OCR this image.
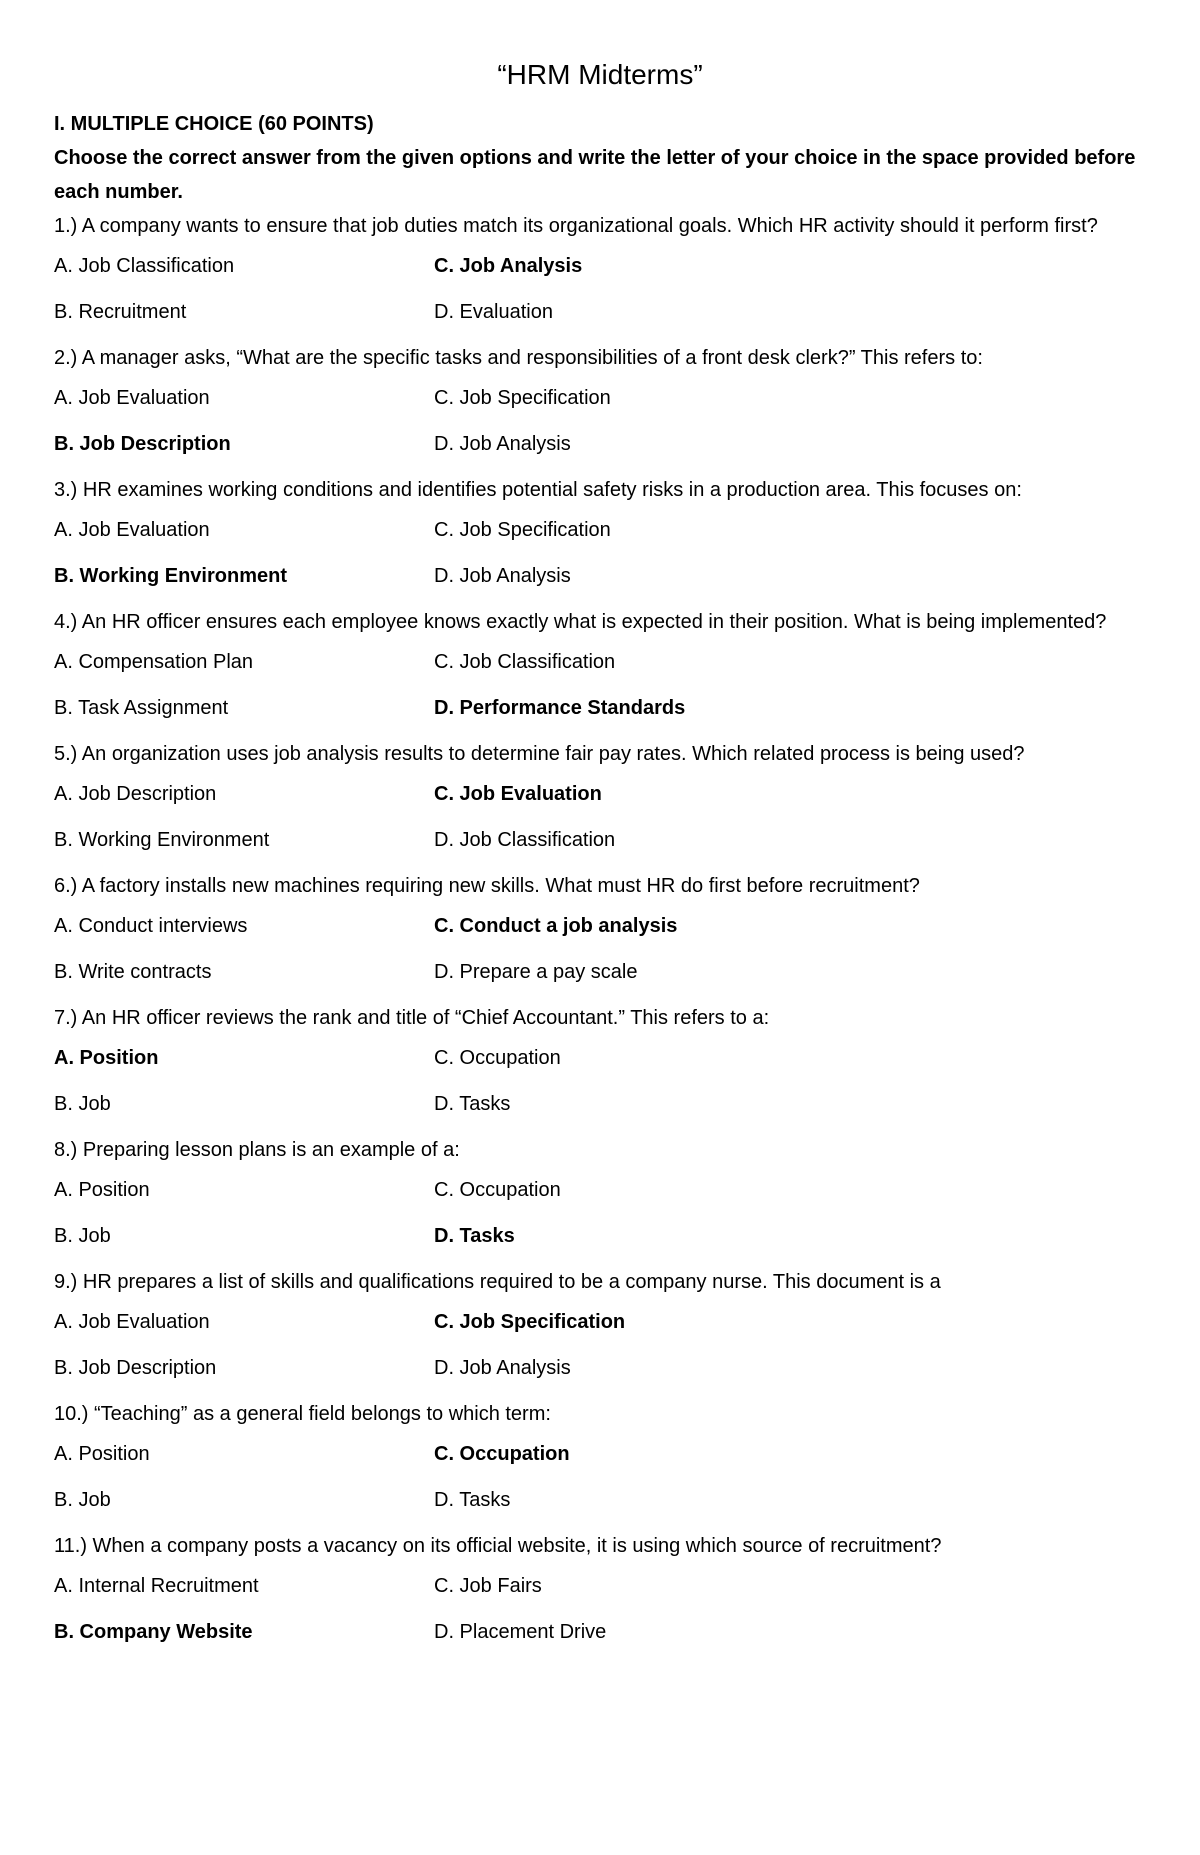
“HRM Midterms”

I. MULTIPLE CHOICE (60 POINTS)

Choose the correct answer from the given options and write the letter of your choice in the space provided before each number.

1.) A company wants to ensure that job duties match its organizational goals. Which HR activity should it perform first?

A. Job Classification	C. Job Analysis
B. Recruitment	D. Evaluation

2.) A manager asks, “What are the specific tasks and responsibilities of a front desk clerk?” This refers to:

A. Job Evaluation	C. Job Specification
B. Job Description	D. Job Analysis

3.) HR examines working conditions and identifies potential safety risks in a production area. This focuses on:

A. Job Evaluation	C. Job Specification
B. Working Environment	D. Job Analysis

4.) An HR officer ensures each employee knows exactly what is expected in their position. What is being implemented?

A. Compensation Plan	C. Job Classification
B. Task Assignment	D. Performance Standards

5.) An organization uses job analysis results to determine fair pay rates. Which related process is being used?

A. Job Description	C. Job Evaluation
B. Working Environment	D. Job Classification

6.) A factory installs new machines requiring new skills. What must HR do first before recruitment?

A. Conduct interviews	C. Conduct a job analysis
B. Write contracts	D. Prepare a pay scale

7.) An HR officer reviews the rank and title of “Chief Accountant.” This refers to a:

A. Position	C. Occupation
B. Job	D. Tasks

8.) Preparing lesson plans is an example of a:

A. Position	C. Occupation
B. Job	D. Tasks

9.) HR prepares a list of skills and qualifications required to be a company nurse. This document is a

A. Job Evaluation	C. Job Specification
B. Job Description	D. Job Analysis

10.) “Teaching” as a general field belongs to which term:

A. Position	C. Occupation
B. Job	D. Tasks

11.) When a company posts a vacancy on its official website, it is using which source of recruitment?

A. Internal Recruitment	C. Job Fairs
B. Company Website	D. Placement Drive
